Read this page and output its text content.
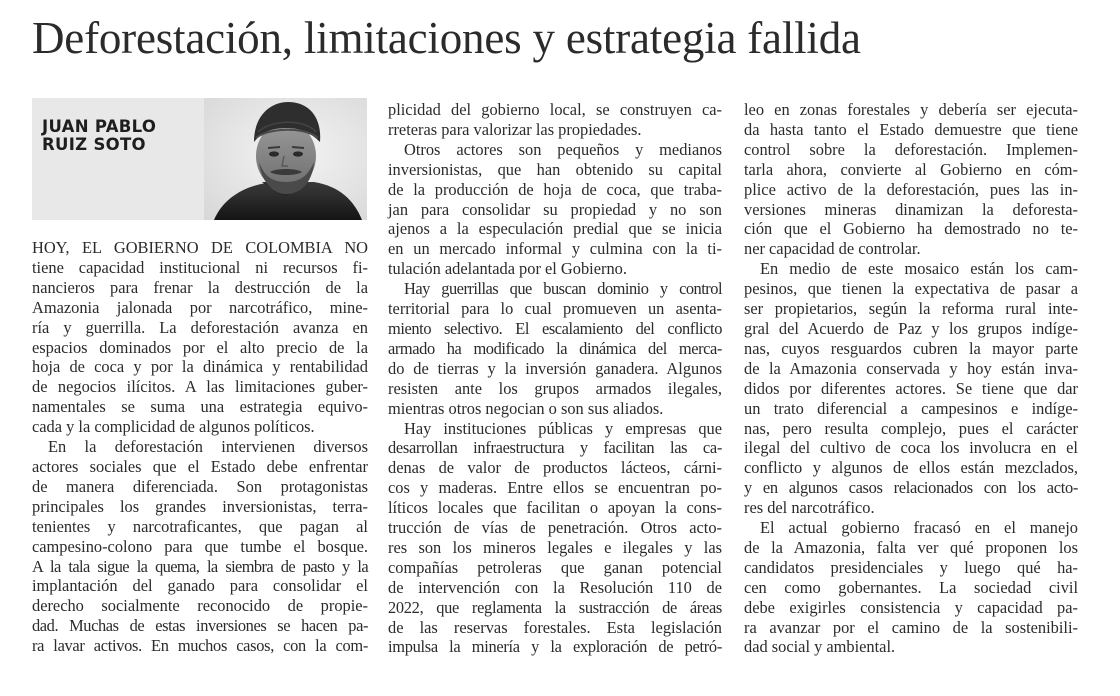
Deforestación, limitaciones y estrategia fallida
JUAN PABLO
RUIZ SOTO

HOY, EL GOBIERNO DE COLOMBIA NO

tiene capacidad institucional ni recursos fi-

nancieros para frenar la destrucción de la

Amazonia jalonada por narcotráfico, mine-

ría y guerrilla. La deforestación avanza en

espacios dominados por el alto precio de la

hoja de coca y por la dinámica y rentabilidad

de negocios ilícitos. A las limitaciones guber-

namentales se suma una estrategia equivo-

cada y la complicidad de algunos políticos.

En la deforestación intervienen diversos

actores sociales que el Estado debe enfrentar

de manera diferenciada. Son protagonistas

principales los grandes inversionistas, terra-

tenientes y narcotraficantes, que pagan al

campesino-colono para que tumbe el bosque.

A la tala sigue la quema, la siembra de pasto y la

implantación del ganado para consolidar el

derecho socialmente reconocido de propie-

dad. Muchas de estas inversiones se hacen pa-

ra lavar activos. En muchos casos, con la com-

plicidad del gobierno local, se construyen ca-

rreteras para valorizar las propiedades.

Otros actores son pequeños y medianos

inversionistas, que han obtenido su capital

de la producción de hoja de coca, que traba-

jan para consolidar su propiedad y no son

ajenos a la especulación predial que se inicia

en un mercado informal y culmina con la ti-

tulación adelantada por el Gobierno.

Hay guerrillas que buscan dominio y control

territorial para lo cual promueven un asenta-

miento selectivo. El escalamiento del conflicto

armado ha modificado la dinámica del merca-

do de tierras y la inversión ganadera. Algunos

resisten ante los grupos armados ilegales,

mientras otros negocian o son sus aliados.

Hay instituciones públicas y empresas que

desarrollan infraestructura y facilitan las ca-

denas de valor de productos lácteos, cárni-

cos y maderas. Entre ellos se encuentran po-

líticos locales que facilitan o apoyan la cons-

trucción de vías de penetración. Otros acto-

res son los mineros legales e ilegales y las

compañías petroleras que ganan potencial

de intervención con la Resolución 110 de

2022, que reglamenta la sustracción de áreas

de las reservas forestales. Esta legislación

impulsa la minería y la exploración de petró-

leo en zonas forestales y debería ser ejecuta-

da hasta tanto el Estado demuestre que tiene

control sobre la deforestación. Implemen-

tarla ahora, convierte al Gobierno en cóm-

plice activo de la deforestación, pues las in-

versiones mineras dinamizan la deforesta-

ción que el Gobierno ha demostrado no te-

ner capacidad de controlar.

En medio de este mosaico están los cam-

pesinos, que tienen la expectativa de pasar a

ser propietarios, según la reforma rural inte-

gral del Acuerdo de Paz y los grupos indíge-

nas, cuyos resguardos cubren la mayor parte

de la Amazonia conservada y hoy están inva-

didos por diferentes actores. Se tiene que dar

un trato diferencial a campesinos e indíge-

nas, pero resulta complejo, pues el carácter

ilegal del cultivo de coca los involucra en el

conflicto y algunos de ellos están mezclados,

y en algunos casos relacionados con los acto-

res del narcotráfico.

El actual gobierno fracasó en el manejo

de la Amazonia, falta ver qué proponen los

candidatos presidenciales y luego qué ha-

cen como gobernantes. La sociedad civil

debe exigirles consistencia y capacidad pa-

ra avanzar por el camino de la sostenibili-

dad social y ambiental.
